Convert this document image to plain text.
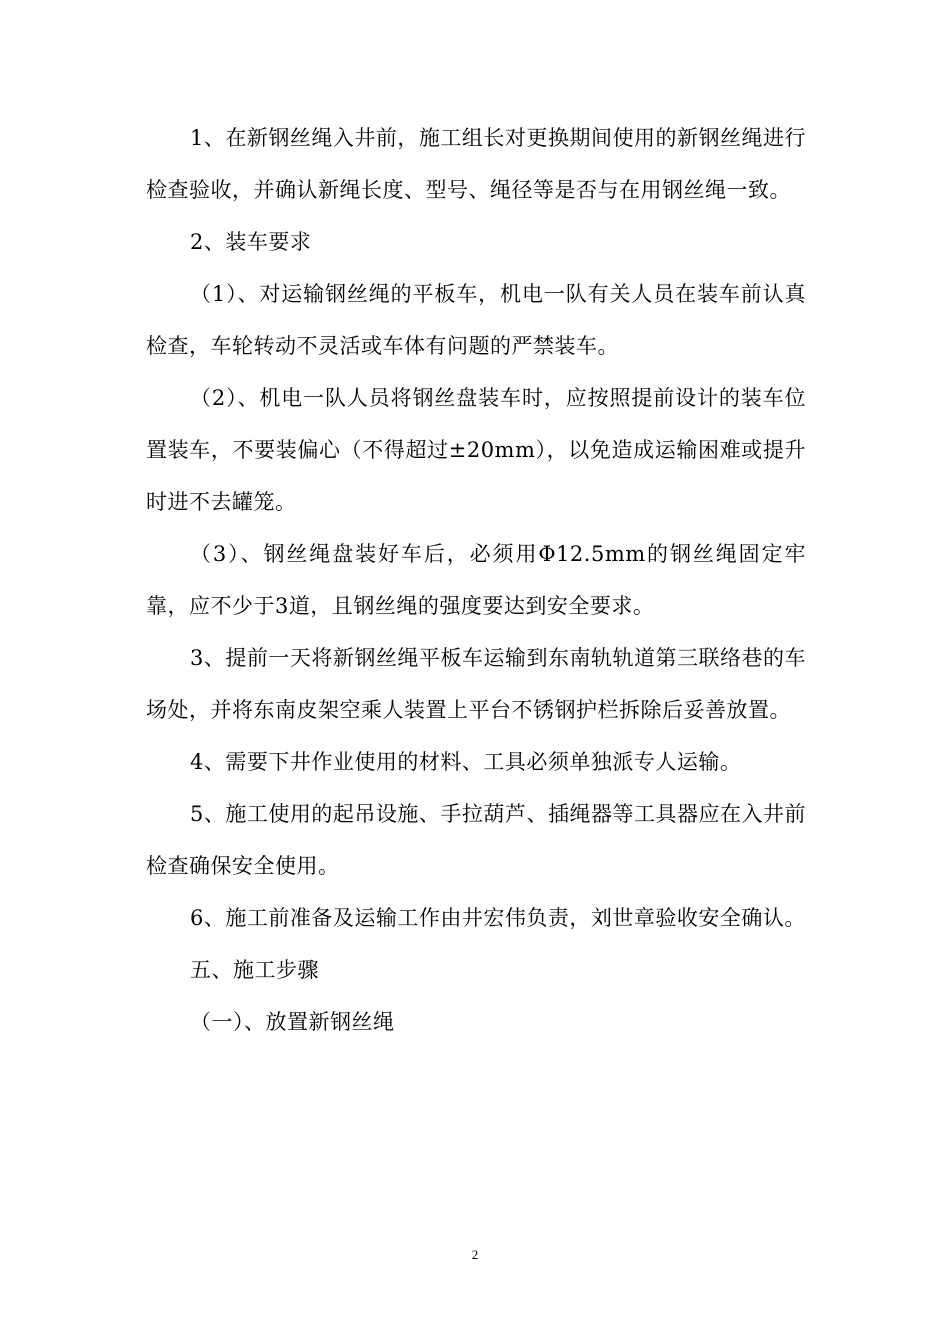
1、在新钢丝绳入井前，施工组长对更换期间使用的新钢丝绳进行检查验收，并确认新绳长度、型号、绳径等是否与在用钢丝绳一致。

2、装车要求

（1）、对运输钢丝绳的平板车，机电一队有关人员在装车前认真检查，车轮转动不灵活或车体有问题的严禁装车。

（2）、机电一队人员将钢丝盘装车时，应按照提前设计的装车位置装车，不要装偏心（不得超过±20mm），以免造成运输困难或提升时进不去罐笼。

（3）、钢丝绳盘装好车后，必须用Φ12.5mm的钢丝绳固定牢靠，应不少于3道，且钢丝绳的强度要达到安全要求。

3、提前一天将新钢丝绳平板车运输到东南轨轨道第三联络巷的车场处，并将东南皮架空乘人装置上平台不锈钢护栏拆除后妥善放置。

4、需要下井作业使用的材料、工具必须单独派专人运输。

5、施工使用的起吊设施、手拉葫芦、插绳器等工具器应在入井前检查确保安全使用。

6、施工前准备及运输工作由井宏伟负责，刘世章验收安全确认。

五、施工步骤

（一）、放置新钢丝绳

2
